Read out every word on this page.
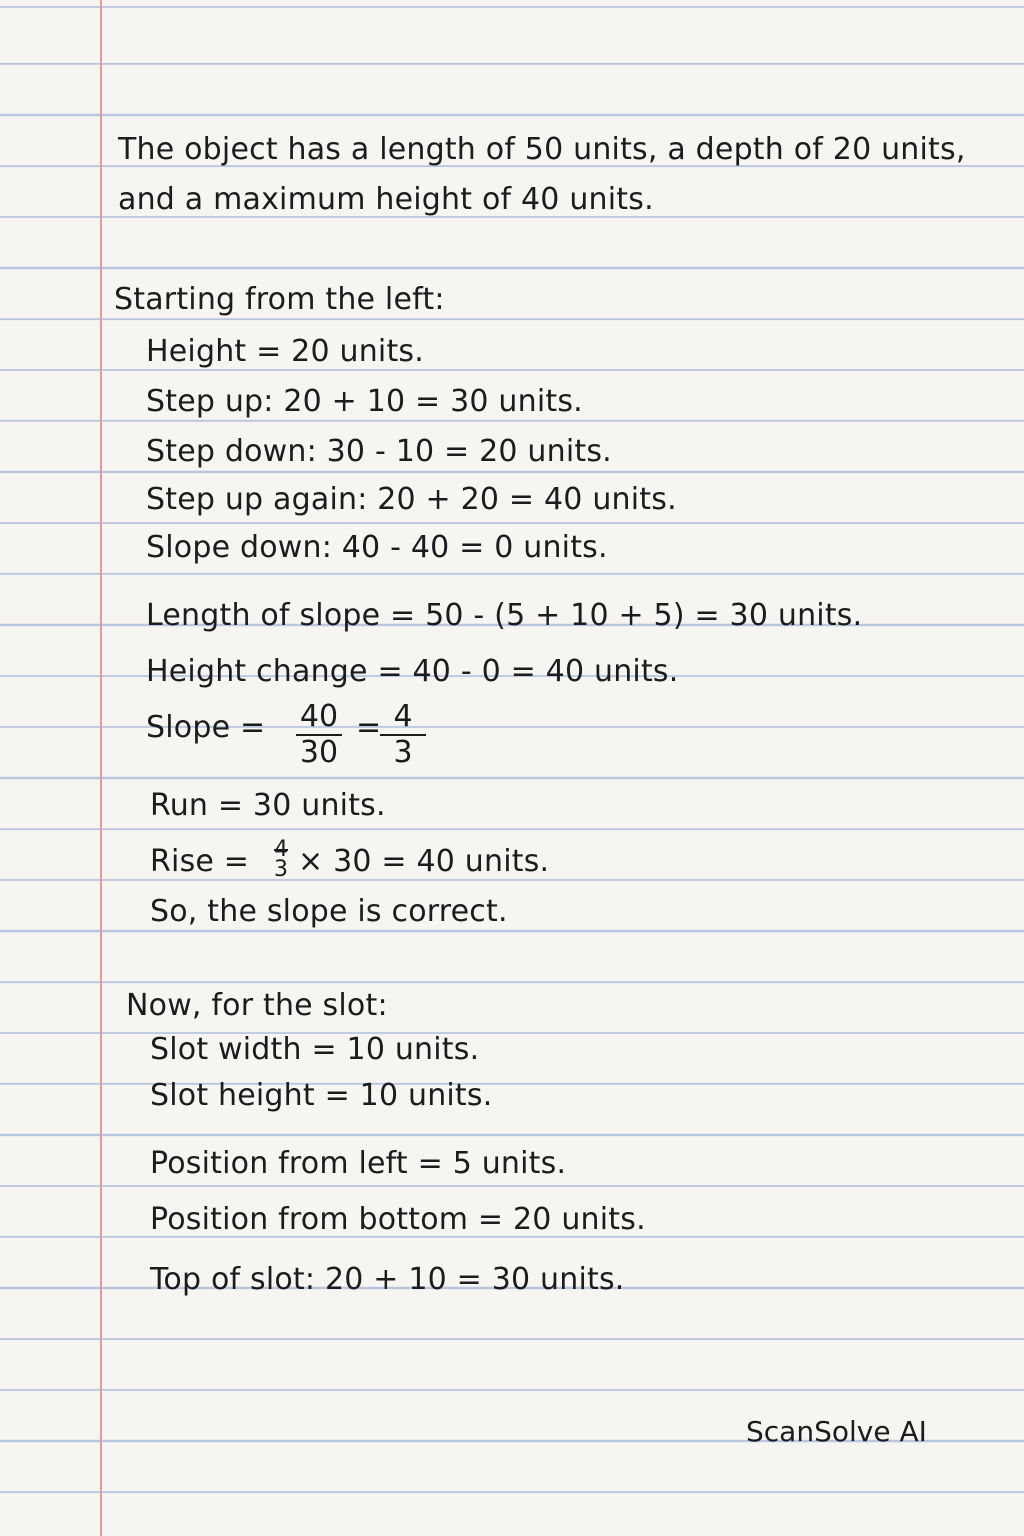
The object has a length of 50 units, a depth of 20 units,
and a maximum height of 40 units.
Starting from the left:
Height = 20 units.
Step up: 20 + 10 = 30 units.
Step down: 30 - 10 = 20 units.
Step up again: 20 + 20 = 40 units.
Slope down: 40 - 40 = 0 units.
Length of slope = 50 - (5 + 10 + 5) = 30 units.
Height change = 40 - 0 = 40 units.
Slope = $\frac{40}{30}$ =
$\frac{4}{3}$
Run = 30 units.
Rise = 4
3 × 30 = 40 units.
So, the slope is correct.
Now, for the slot:
Slot width = 10 units.
Slot height = 10 units.
Position from left = 5 units.
Position from bottom = 20 units.
Top of slot: 20 + 10 = 30 units.
ScanSolve AI
